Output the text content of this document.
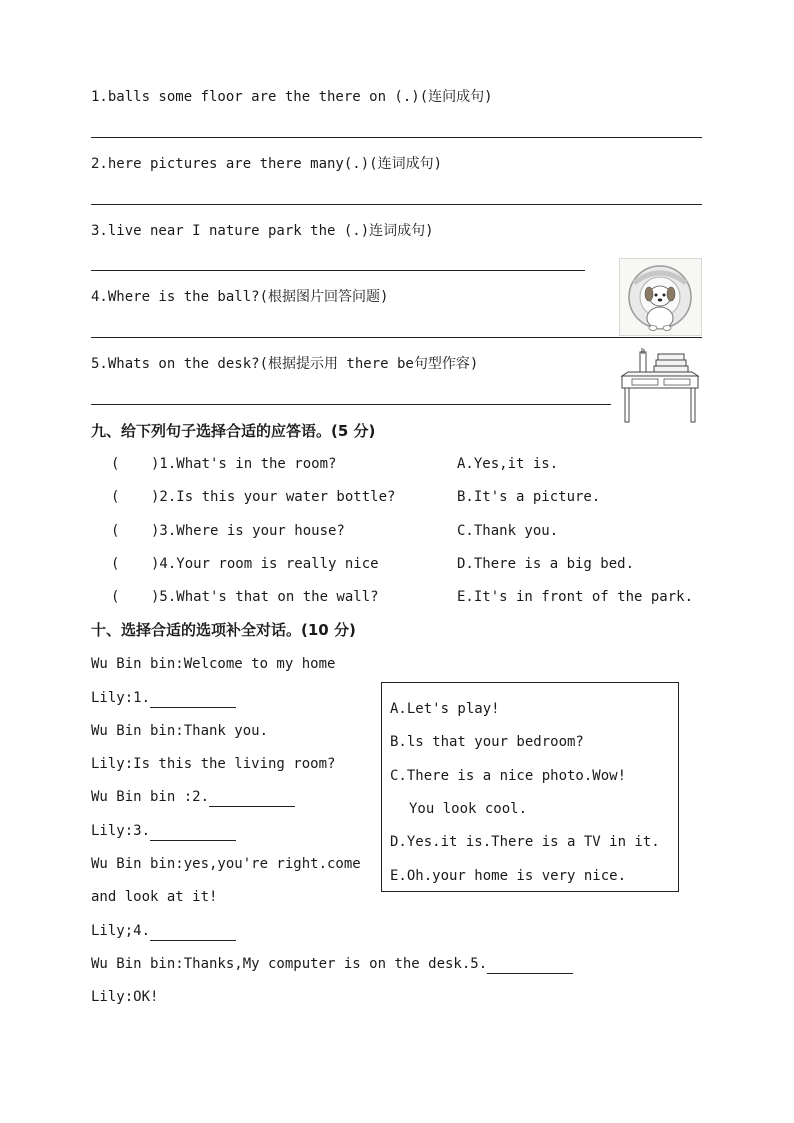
1.balls some floor are the there on (.)(连问成句)
2.here pictures are there many(.)(连词成句)
3.live near I nature park the (.)连词成句)
4.Where is the ball?(根据图片回答问题)
5.Whats on the desk?(根据提示用 there be句型作容)
九、给下列句子选择合适的应答语。(5 分)
( )1.What's in the room?	A.Yes,it is.
( )2.Is this your water bottle?	B.It's a picture.
( )3.Where is your house?	C.Thank you.
( )4.Your room is really nice	D.There is a big bed.
( )5.What's that on the wall?	E.It's in front of the park.
十、选择合适的选项补全对话。(10 分)
Wu Bin bin:Welcome to my home
Lily:1.
Wu Bin bin:Thank you.
Lily:Is this the living room?
Wu Bin bin :2.
Lily:3.
Wu Bin bin:yes,you're right.come
and look at it!
Lily;4.
Wu Bin bin:Thanks,My computer is on the desk.5.
Lily:OK!
A.Let's play!
B.ls that your bedroom?
C.There is a nice photo.Wow!
You look cool.
D.Yes.it is.There is a TV in it.
E.Oh.your home is very nice.
